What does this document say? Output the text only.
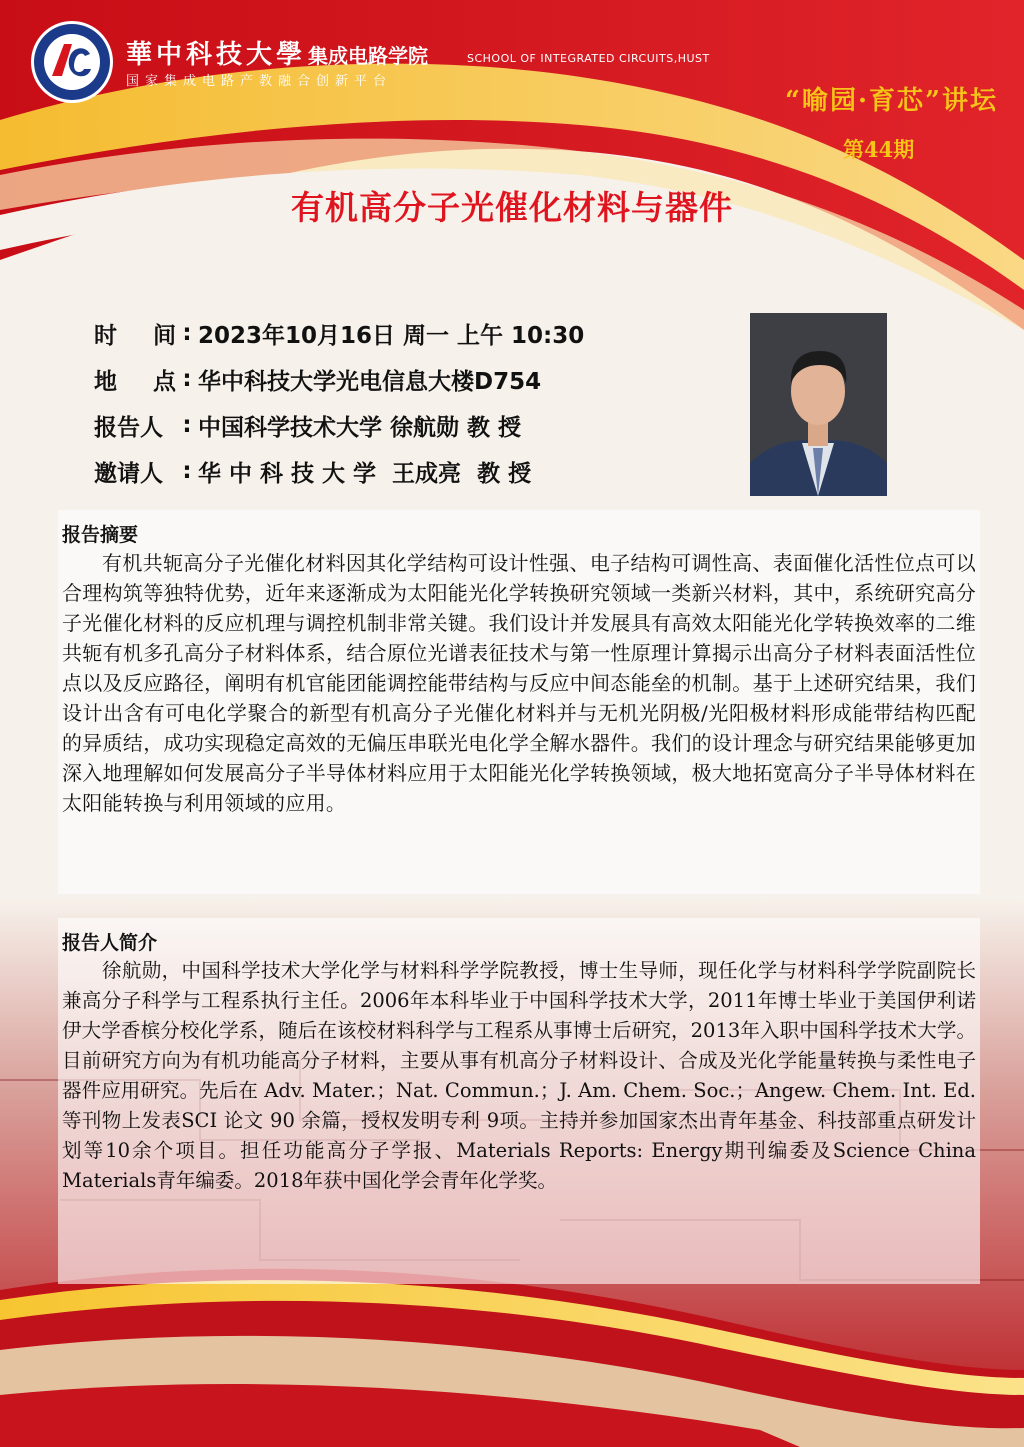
華中科技大學 集成电路学院	SCHOOL OF INTEGRATED CIRCUITS,HUST
国家集成电路产教融合创新平台
“喻园·育芯”讲坛
第44期
有机高分子光催化材料与器件
时 间 : 2023年10月16日 周一 上午 10:30
地 点 : 华中科技大学光电信息大楼D754
报告人 : 中国科学技术大学 徐航勋 教 授
邀请人 : 华 中 科 技 大 学  王成亮  教 授
报告摘要

有机共轭高分子光催化材料因其化学结构可设计性强、电子结构可调性高、表面催化活性位点可以合理构筑等独特优势，近年来逐渐成为太阳能光化学转换研究领域一类新兴材料，其中，系统研究高分子光催化材料的反应机理与调控机制非常关键。我们设计并发展具有高效太阳能光化学转换效率的二维共轭有机多孔高分子材料体系，结合原位光谱表征技术与第一性原理计算揭示出高分子材料表面活性位点以及反应路径，阐明有机官能团能调控能带结构与反应中间态能垒的机制。基于上述研究结果，我们设计出含有可电化学聚合的新型有机高分子光催化材料并与无机光阴极/光阳极材料形成能带结构匹配的异质结，成功实现稳定高效的无偏压串联光电化学全解水器件。我们的设计理念与研究结果能够更加深入地理解如何发展高分子半导体材料应用于太阳能光化学转换领域，极大地拓宽高分子半导体材料在太阳能转换与利用领域的应用。

报告人简介

徐航勋，中国科学技术大学化学与材料科学学院教授，博士生导师，现任化学与材料科学学院副院长兼高分子科学与工程系执行主任。2006年本科毕业于中国科学技术大学，2011年博士毕业于美国伊利诺伊大学香槟分校化学系，随后在该校材料科学与工程系从事博士后研究，2013年入职中国科学技术大学。目前研究方向为有机功能高分子材料，主要从事有机高分子材料设计、合成及光化学能量转换与柔性电子器件应用研究。先后在 Adv. Mater.；Nat. Commun.；J. Am. Chem. Soc.；Angew. Chem. Int. Ed.等刊物上发表SCI 论文 90 余篇，授权发明专利 9项。主持并参加国家杰出青年基金、科技部重点研发计划等10余个项目。担任功能高分子学报、Materials Reports: Energy期刊编委及Science China Materials青年编委。2018年获中国化学会青年化学奖。
